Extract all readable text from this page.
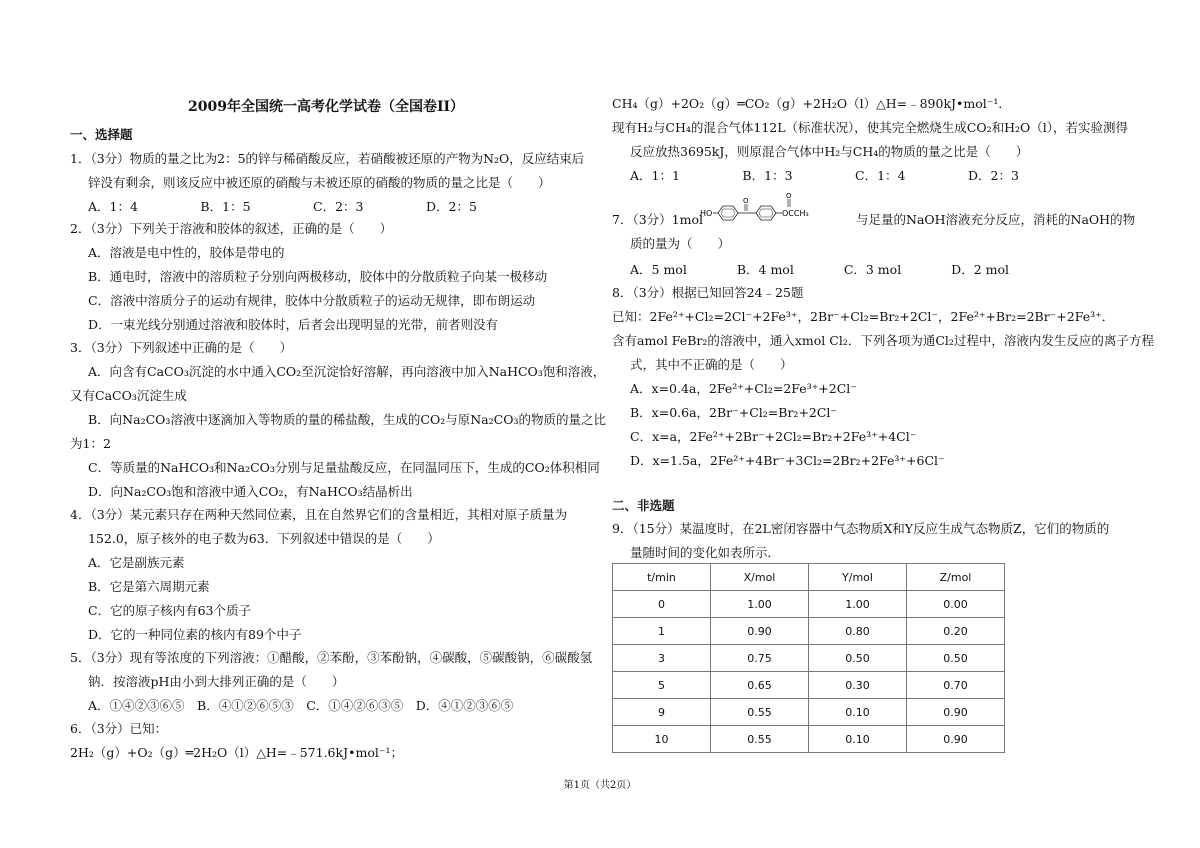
2009年全国统一高考化学试卷（全国卷II）
一、选择题
1．（3分）物质的量之比为2：5的锌与稀硝酸反应，若硝酸被还原的产物为N₂O，反应结束后
锌没有剩余，则该反应中被还原的硝酸与未被还原的硝酸的物质的量之比是（　　）
A．1：4　　　　　B．1：5　　　　　C．2：3　　　　　D．2：5
2．（3分）下列关于溶液和胶体的叙述，正确的是（　　）
A．溶液是电中性的，胶体是带电的
B．通电时，溶液中的溶质粒子分别向两极移动，胶体中的分散质粒子向某一极移动
C．溶液中溶质分子的运动有规律，胶体中分散质粒子的运动无规律，即布朗运动
D．一束光线分别通过溶液和胶体时，后者会出现明显的光带，前者则没有
3．（3分）下列叙述中正确的是（　　）
A．向含有CaCO₃沉淀的水中通入CO₂至沉淀恰好溶解，再向溶液中加入NaHCO₃饱和溶液，
又有CaCO₃沉淀生成
B．向Na₂CO₃溶液中逐滴加入等物质的量的稀盐酸，生成的CO₂与原Na₂CO₃的物质的量之比
为1：2
C．等质量的NaHCO₃和Na₂CO₃分别与足量盐酸反应，在同温同压下，生成的CO₂体积相同
D．向Na₂CO₃饱和溶液中通入CO₂，有NaHCO₃结晶析出
4．（3分）某元素只存在两种天然同位素，且在自然界它们的含量相近，其相对原子质量为
152.0，原子核外的电子数为63．下列叙述中错误的是（　　）
A．它是副族元素
B．它是第六周期元素
C．它的原子核内有63个质子
D．它的一种同位素的核内有89个中子
5．（3分）现有等浓度的下列溶液：①醋酸，②苯酚，③苯酚钠，④碳酸，⑤碳酸钠，⑥碳酸氢
钠．按溶液pH由小到大排列正确的是（　　）
A．①④②③⑥⑤　B．④①②⑥⑤③　C．①④②⑥③⑤　D．④①②③⑥⑤
6．（3分）已知：
2H₂（g）+O₂（g）═2H₂O（l）△H=﹣571.6kJ•mol⁻¹；
CH₄（g）+2O₂（g）═CO₂（g）+2H₂O（l）△H=﹣890kJ•mol⁻¹．
现有H₂与CH₄的混合气体112L（标准状况），使其完全燃烧生成CO₂和H₂O（l），若实验测得
反应放热3695kJ，则原混合气体中H₂与CH₄的物质的量之比是（　　）
A．1：1　　　　　B．1：3　　　　　C．1：4　　　　　D．2：3
7．（3分）1mol
HO
O
O
OCCH₃	与足量的NaOH溶液充分反应，消耗的NaOH的物
质的量为（　　）
A．5 mol　　　　B．4 mol　　　　C．3 mol　　　　D．2 mol
8．（3分）根据已知回答24﹣25题
已知：2Fe²⁺+Cl₂=2Cl⁻+2Fe³⁺，2Br⁻+Cl₂=Br₂+2Cl⁻，2Fe²⁺+Br₂=2Br⁻+2Fe³⁺．
含有amol FeBr₂的溶液中，通入xmol Cl₂．下列各项为通Cl₂过程中，溶液内发生反应的离子方程
式，其中不正确的是（　　）
A．x=0.4a，2Fe²⁺+Cl₂=2Fe³⁺+2Cl⁻
B．x=0.6a，2Br⁻+Cl₂=Br₂+2Cl⁻
C．x=a，2Fe²⁺+2Br⁻+2Cl₂=Br₂+2Fe³⁺+4Cl⁻
D．x=1.5a，2Fe²⁺+4Br⁻+3Cl₂=2Br₂+2Fe³⁺+6Cl⁻
二、非选题
9．（15分）某温度时，在2L密闭容器中气态物质X和Y反应生成气态物质Z，它们的物质的
量随时间的变化如表所示．
t/min	X/mol	Y/mol	Z/mol
0	1.00	1.00	0.00
1	0.90	0.80	0.20
3	0.75	0.50	0.50
5	0.65	0.30	0.70
9	0.55	0.10	0.90
10	0.55	0.10	0.90
第1页（共2页）
